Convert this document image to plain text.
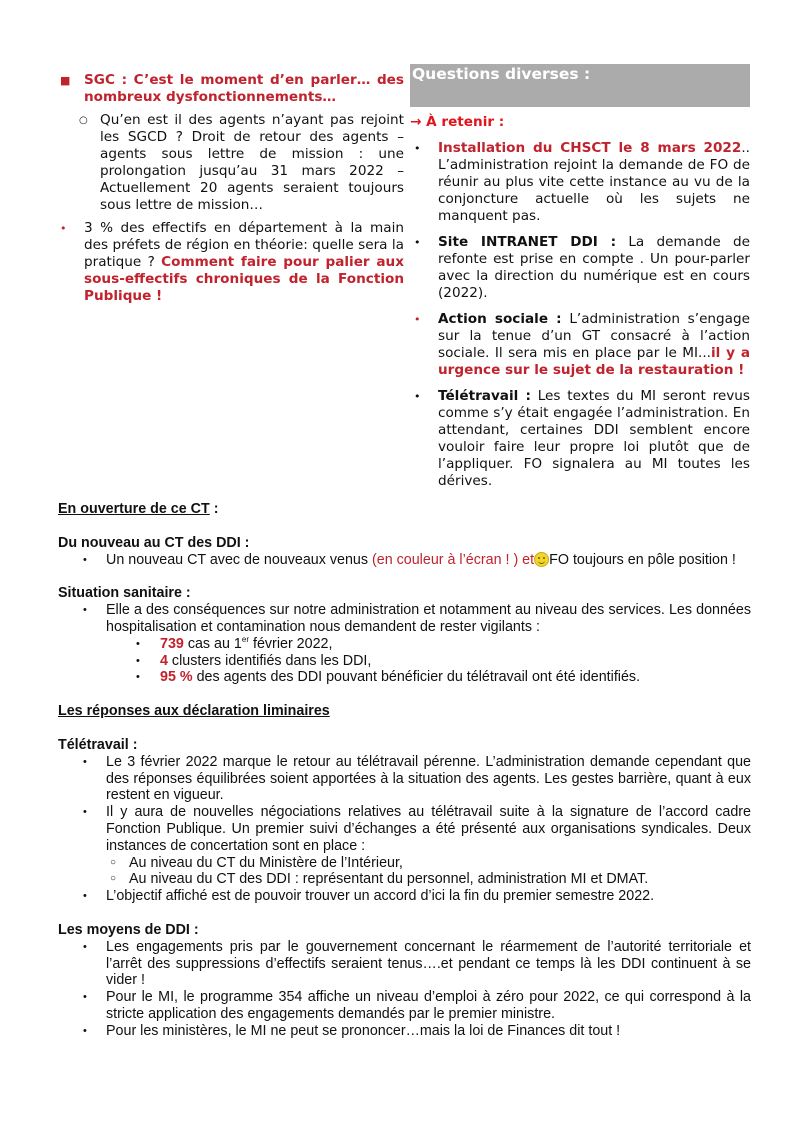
■ SGC : C’est le moment d’en parler… des nombreux dysfonctionnements…
○ Qu’en est il des agents n’ayant pas rejoint les SGCD ? Droit de retour des agents – agents sous lettre de mission : une prolongation jusqu’au 31 mars 2022 – Actuellement 20 agents seraient toujours sous lettre de mission…
• 3 % des effectifs en département à la main des préfets de région en théorie: quelle sera la pratique ? Comment faire pour palier aux sous-effectifs chroniques de la Fonction Publique !
Questions diverses :
→ À retenir :
• Installation du CHSCT le 8 mars 2022.. L’administration rejoint la demande de FO de réunir au plus vite cette instance au vu de la conjoncture actuelle où les sujets ne manquent pas.
• Site INTRANET DDI : La demande de refonte est prise en compte . Un pour-parler avec la direction du numérique est en cours (2022).
• Action sociale : L’administration s’engage sur la tenue d’un GT consacré à l’action sociale. Il sera mis en place par le MI...il y a urgence sur le sujet de la restauration !
• Télétravail : Les textes du MI seront revus comme s’y était engagée l’administration. En attendant, certaines DDI semblent encore vouloir faire leur propre loi plutôt que de l’appliquer. FO signalera au MI toutes les dérives.
En ouverture de ce CT :
Du nouveau au CT des DDI :
• Un nouveau CT avec de nouveaux venus (en couleur à l’écran ! ) et FO toujours en pôle position !
Situation sanitaire :
• Elle a des conséquences sur notre administration et notamment au niveau des services. Les données hospitalisation et contamination nous demandent de rester vigilants :
• 739 cas au 1er février 2022,
• 4 clusters identifiés dans les DDI,
• 95 % des agents des DDI pouvant bénéficier du télétravail ont été identifiés.
Les réponses aux déclaration liminaires
Télétravail :
• Le 3 février 2022 marque le retour au télétravail pérenne. L’administration demande cependant que des réponses équilibrées soient apportées à la situation des agents. Les gestes barrière, quant à eux restent en vigueur.
• Il y aura de nouvelles négociations relatives au télétravail suite à la signature de l’accord cadre Fonction Publique. Un premier suivi d’échanges a été présenté aux organisations syndicales. Deux instances de concertation sont en place :
○ Au niveau du CT du Ministère de l’Intérieur,
○ Au niveau du CT des DDI : représentant du personnel, administration MI et DMAT.
• L’objectif affiché est de pouvoir trouver un accord d’ici la fin du premier semestre 2022.
Les moyens de DDI :
• Les engagements pris par le gouvernement concernant le réarmement de l’autorité territoriale et l’arrêt des suppressions d’effectifs seraient tenus….et pendant ce temps là les DDI continuent à se vider !
• Pour le MI, le programme 354 affiche un niveau d’emploi à zéro pour 2022, ce qui correspond à la stricte application des engagements demandés par le premier ministre.
• Pour les ministères, le MI ne peut se prononcer…mais la loi de Finances dit tout !
